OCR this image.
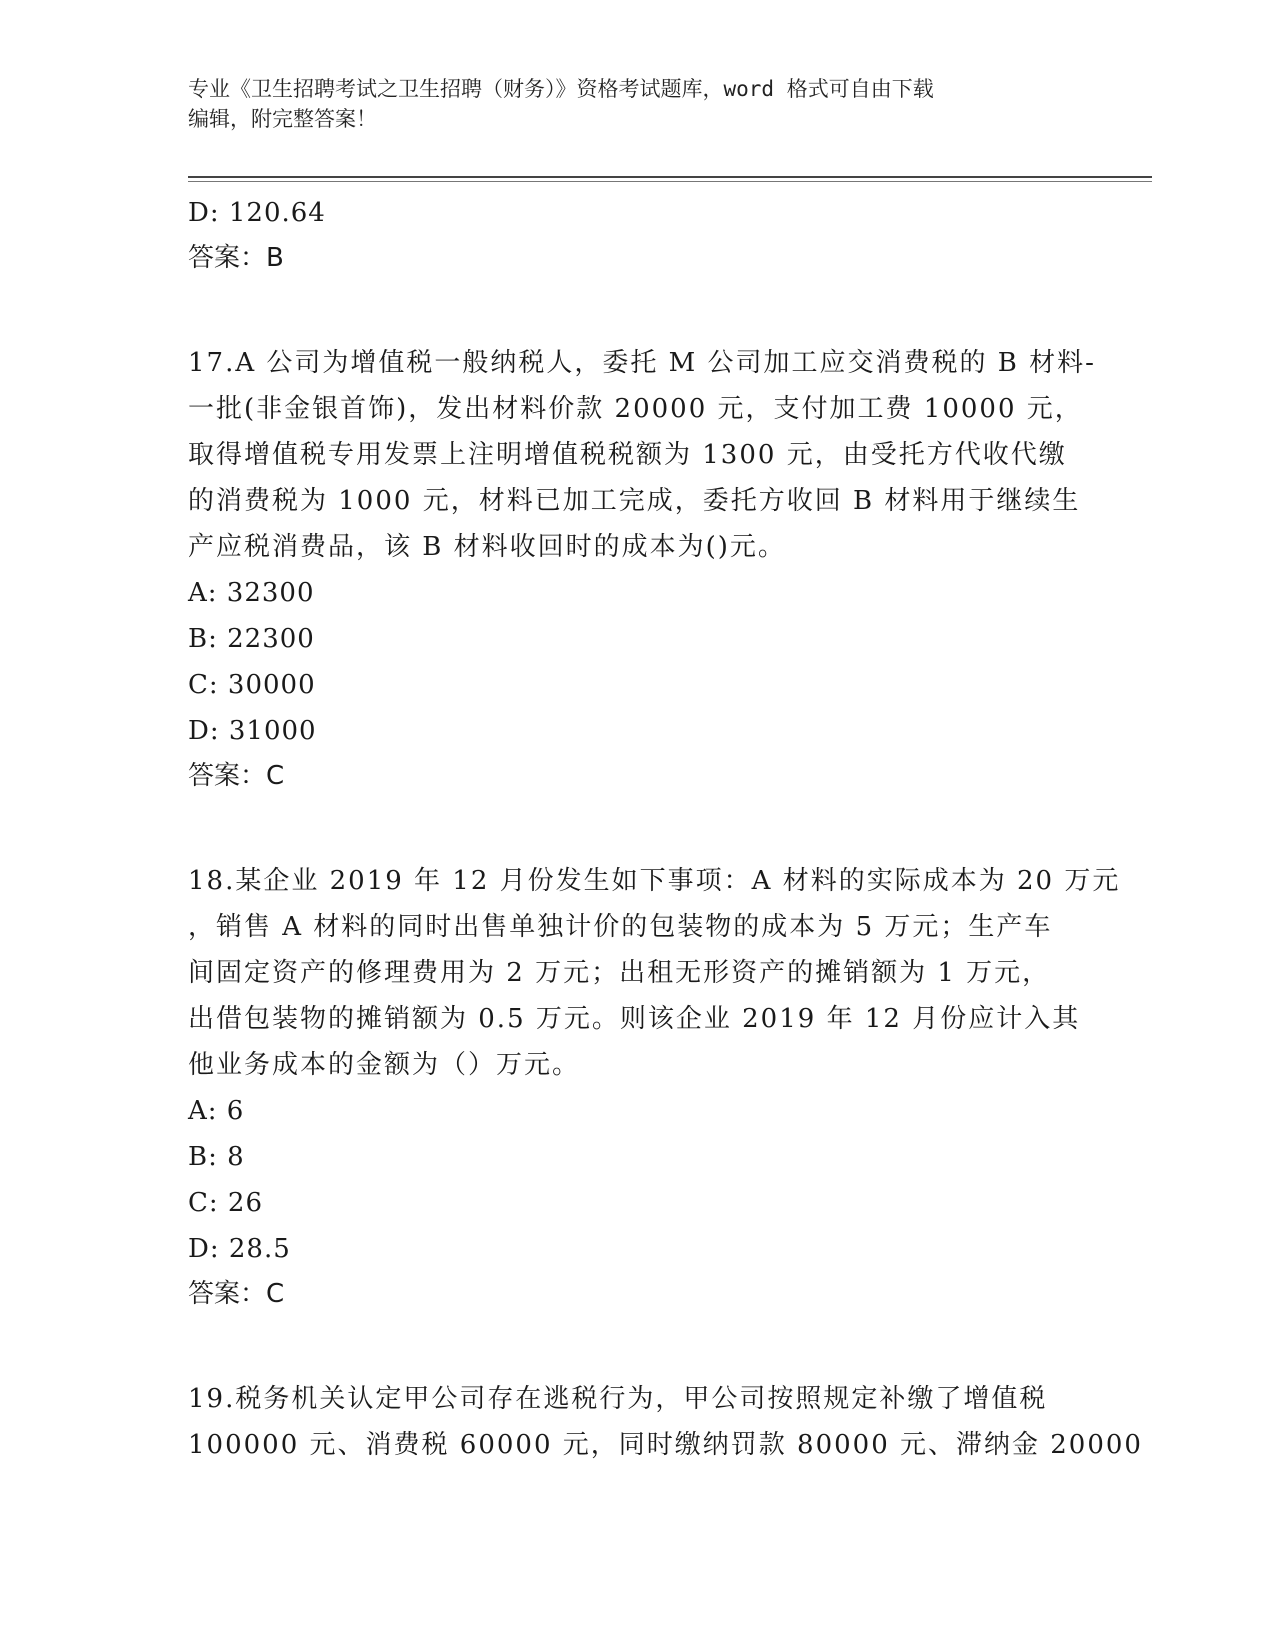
专业《卫生招聘考试之卫生招聘（财务）》资格考试题库，word 格式可自由下载
编辑，附完整答案！
D: 120.64
答案：B
17.A 公司为增值税一般纳税人，委托 M 公司加工应交消费税的 B 材料-
一批(非金银首饰)，发出材料价款 20000 元，支付加工费 10000 元，
取得增值税专用发票上注明增值税税额为 1300 元，由受托方代收代缴
的消费税为 1000 元，材料已加工完成，委托方收回 B 材料用于继续生
产应税消费品，该 B 材料收回时的成本为()元。
A: 32300
B: 22300
C: 30000
D: 31000
答案：C
18.某企业 2019 年 12 月份发生如下事项：A 材料的实际成本为 20 万元
，销售 A 材料的同时出售单独计价的包装物的成本为 5 万元；生产车
间固定资产的修理费用为 2 万元；出租无形资产的摊销额为 1 万元，
出借包装物的摊销额为 0.5 万元。则该企业 2019 年 12 月份应计入其
他业务成本的金额为（）万元。
A: 6
B: 8
C: 26
D: 28.5
答案：C
19.税务机关认定甲公司存在逃税行为，甲公司按照规定补缴了增值税
100000 元、消费税 60000 元，同时缴纳罚款 80000 元、滞纳金 20000
